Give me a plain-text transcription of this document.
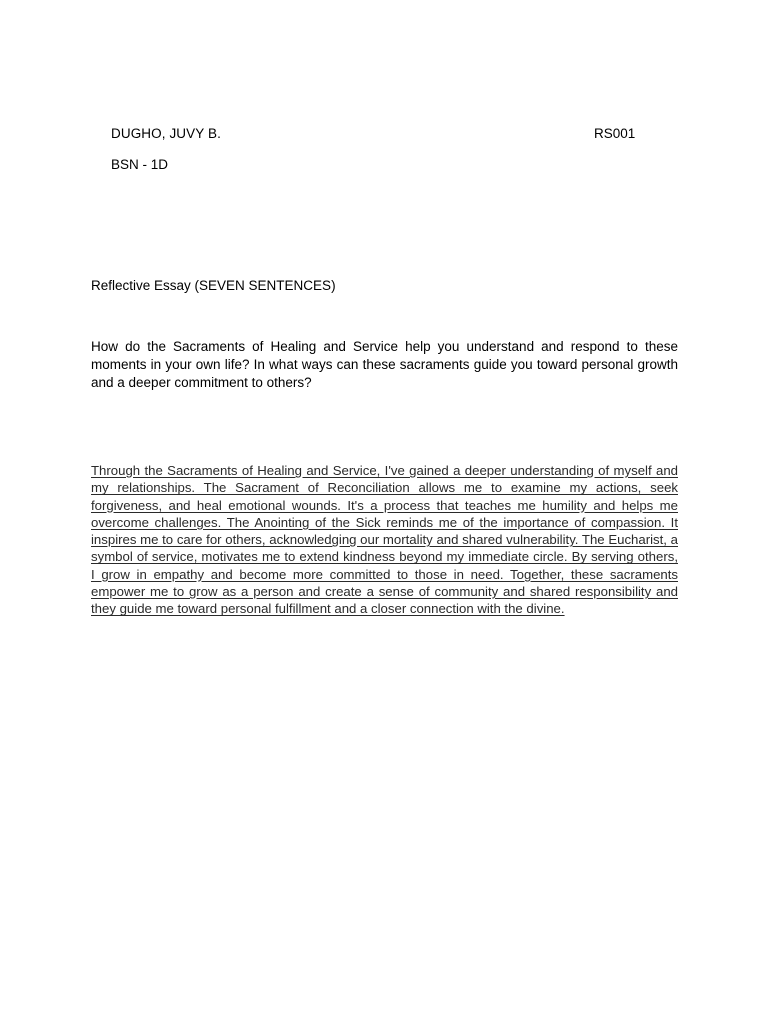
DUGHO, JUVY B.	RS001
BSN - 1D
Reflective Essay (SEVEN SENTENCES)
How do the Sacraments of Healing and Service help you understand and respond to these moments in your own life? In what ways can these sacraments guide you toward personal growth and a deeper commitment to others?
Through the Sacraments of Healing and Service, I've gained a deeper understanding of myself and my relationships. The Sacrament of Reconciliation allows me to examine my actions, seek forgiveness, and heal emotional wounds. It's a process that teaches me humility and helps me overcome challenges. The Anointing of the Sick reminds me of the importance of compassion. It inspires me to care for others, acknowledging our mortality and shared vulnerability. The Eucharist, a symbol of service, motivates me to extend kindness beyond my immediate circle. By serving others, I grow in empathy and become more committed to those in need. Together, these sacraments empower me to grow as a person and create a sense of community and shared responsibility and they guide me toward personal fulfillment and a closer connection with the divine.
